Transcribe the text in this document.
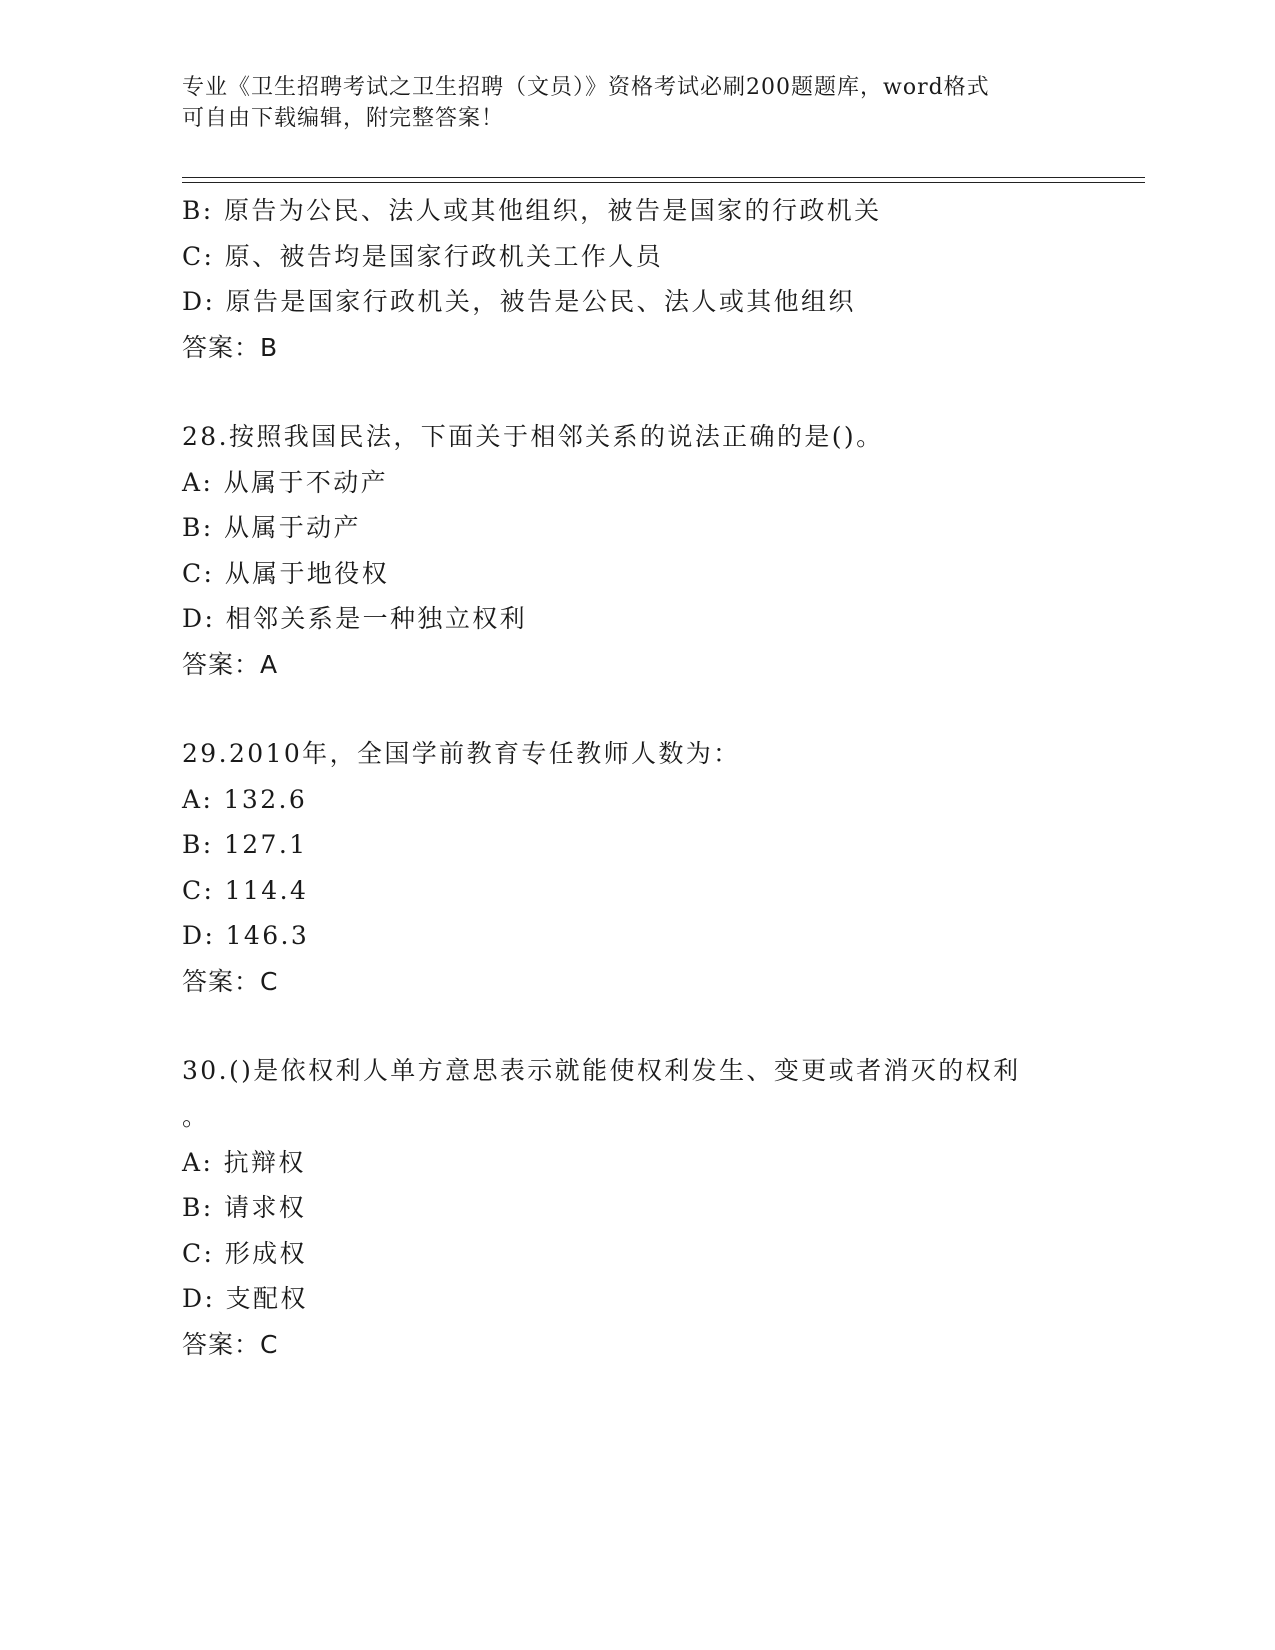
专业《卫生招聘考试之卫生招聘（文员）》资格考试必刷200题题库，word格式
可自由下载编辑，附完整答案！
B: 原告为公民、法人或其他组织，被告是国家的行政机关
C: 原、被告均是国家行政机关工作人员
D: 原告是国家行政机关，被告是公民、法人或其他组织
答案：B
28.按照我国民法，下面关于相邻关系的说法正确的是()。
A: 从属于不动产
B: 从属于动产
C: 从属于地役权
D: 相邻关系是一种独立权利
答案：A
29.2010年，全国学前教育专任教师人数为：
A: 132.6
B: 127.1
C: 114.4
D: 146.3
答案：C
30.()是依权利人单方意思表示就能使权利发生、变更或者消灭的权利
。
A: 抗辩权
B: 请求权
C: 形成权
D: 支配权
答案：C
